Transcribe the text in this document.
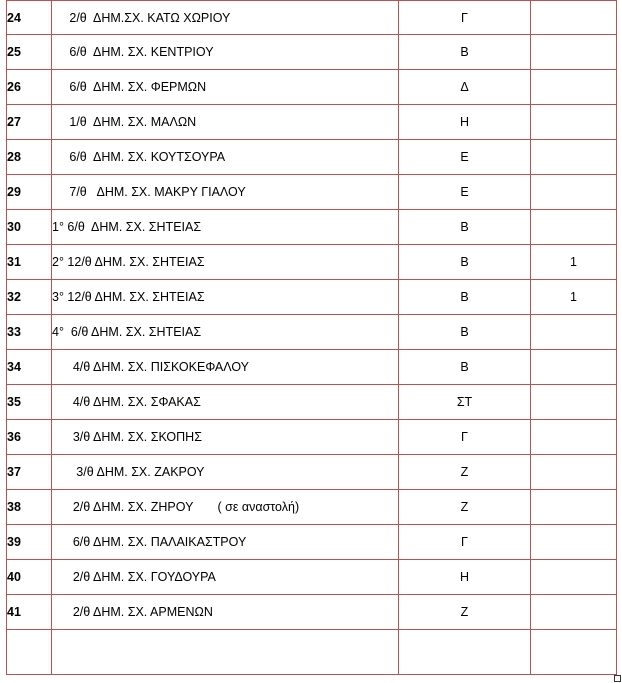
24	2/θ  ΔΗΜ.ΣΧ. ΚΑΤΩ ΧΩΡΙΟΥ	Γ	
25	6/θ  ΔΗΜ. ΣΧ. ΚΕΝΤΡΙΟΥ	Β	
26	6/θ  ΔΗΜ. ΣΧ. ΦΕΡΜΩΝ	Δ	
27	1/θ  ΔΗΜ. ΣΧ. ΜΑΛΩΝ	Η	
28	6/θ  ΔΗΜ. ΣΧ. ΚΟΥΤΣΟΥΡΑ	Ε	
29	7/θ   ΔΗΜ. ΣΧ. ΜΑΚΡΥ ΓΙΑΛΟΥ	Ε	
30	1° 6/θ  ΔΗΜ. ΣΧ. ΣΗΤΕΙΑΣ	Β	
31	2° 12/θ ΔΗΜ. ΣΧ. ΣΗΤΕΙΑΣ	Β	1
32	3° 12/θ ΔΗΜ. ΣΧ. ΣΗΤΕΙΑΣ	Β	1
33	4°  6/θ ΔΗΜ. ΣΧ. ΣΗΤΕΙΑΣ	Β	
34	4/θ ΔΗΜ. ΣΧ. ΠΙΣΚΟΚΕΦΑΛΟΥ	Β	
35	4/θ ΔΗΜ. ΣΧ. ΣΦΑΚΑΣ	ΣΤ	
36	3/θ ΔΗΜ. ΣΧ. ΣΚΟΠΗΣ	Γ	
37	3/θ ΔΗΜ. ΣΧ. ΖΑΚΡΟΥ	Ζ	
38	2/θ ΔΗΜ. ΣΧ. ΖΗΡΟΥ       ( σε αναστολή)	Ζ	
39	6/θ ΔΗΜ. ΣΧ. ΠΑΛΑΙΚΑΣΤΡΟΥ	Γ	
40	2/θ ΔΗΜ. ΣΧ. ΓΟΥΔΟΥΡΑ	Η	
41	2/θ ΔΗΜ. ΣΧ. ΑΡΜΕΝΩΝ	Ζ	
